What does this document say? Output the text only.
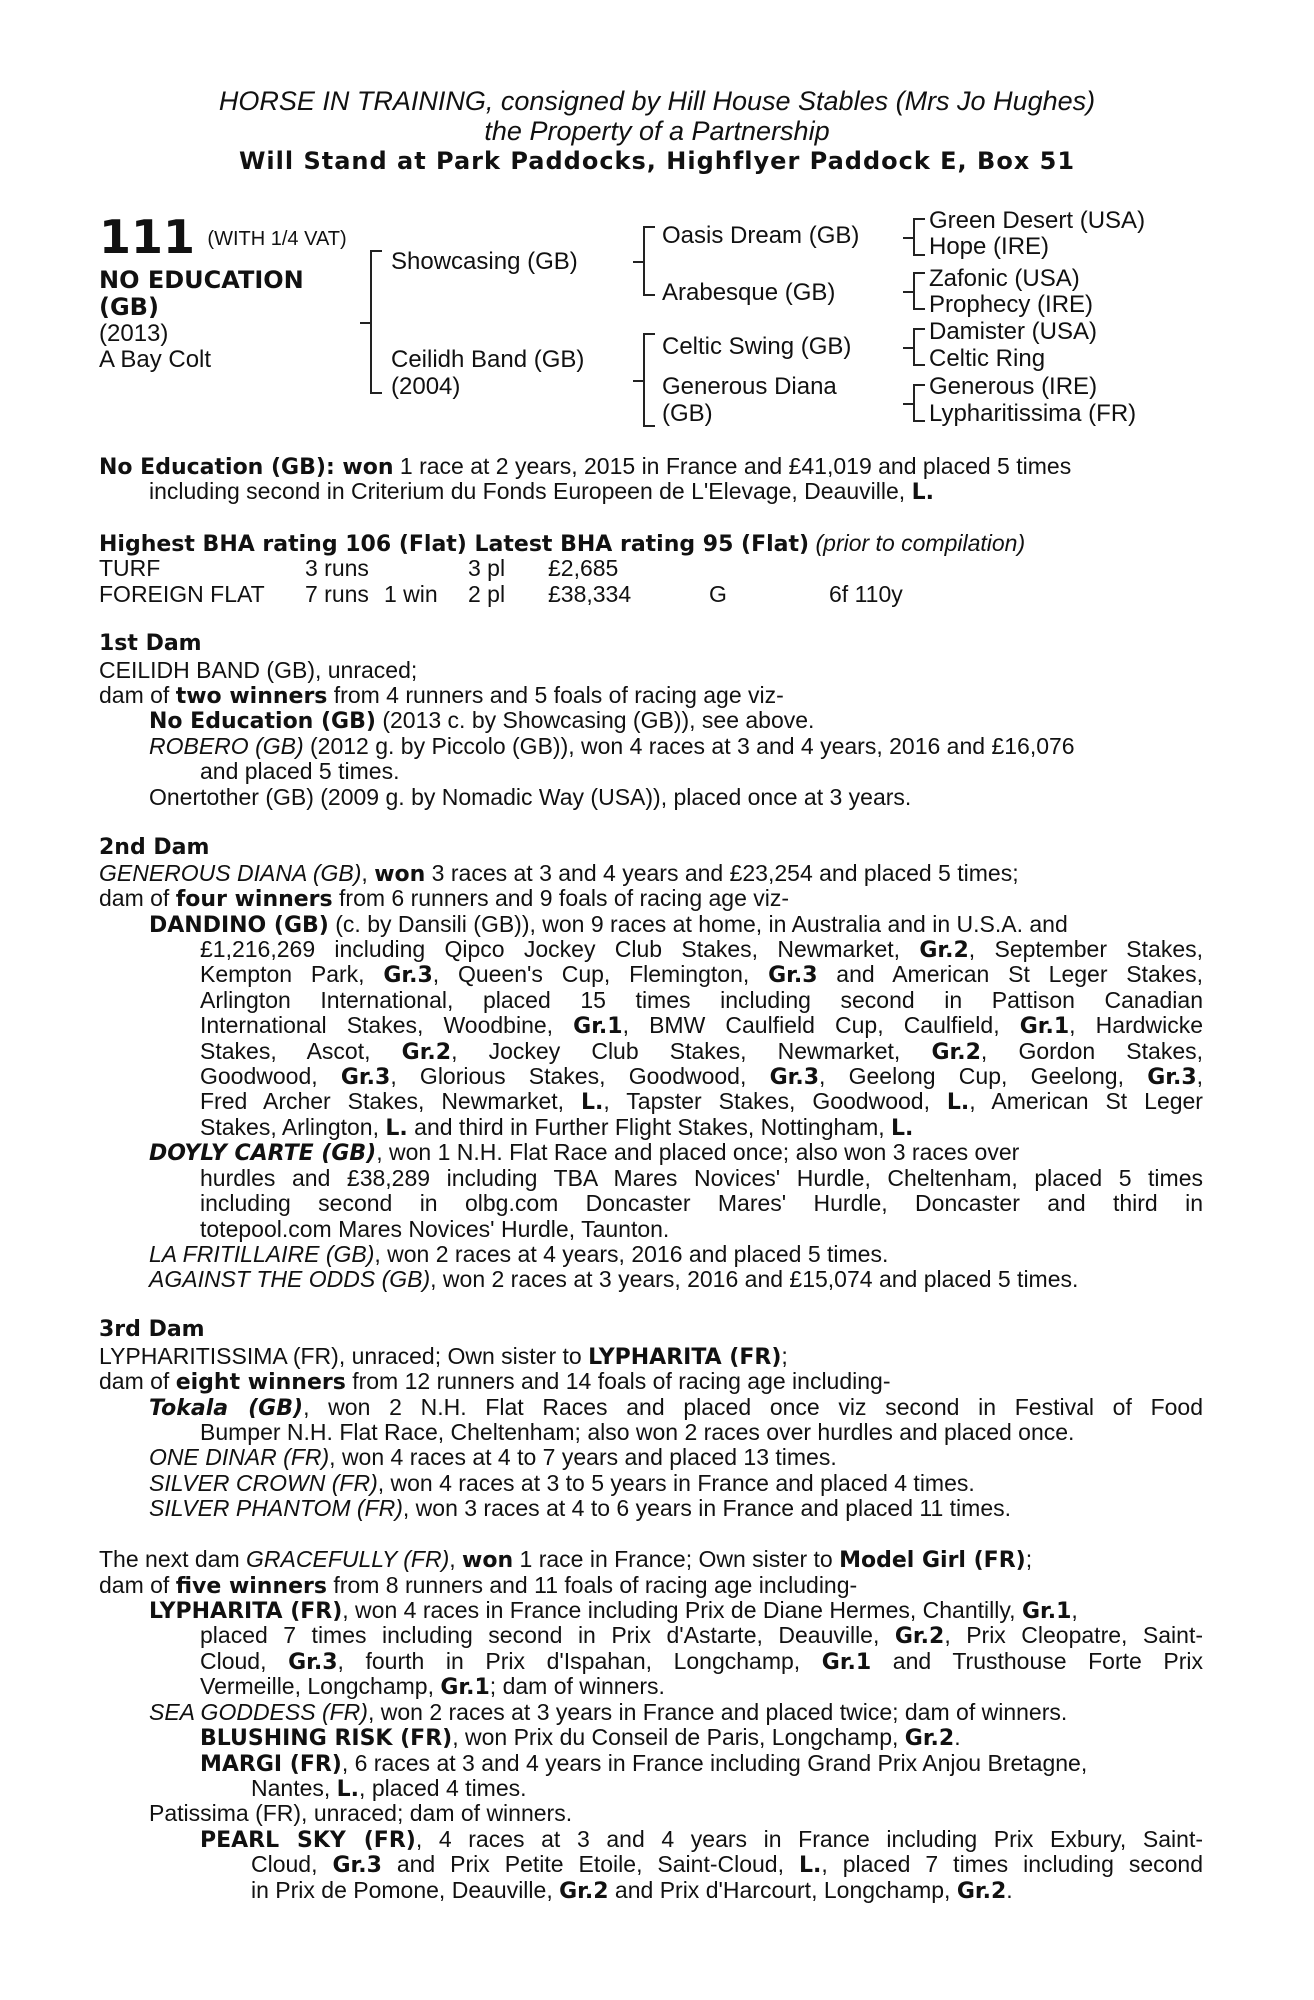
HORSE IN TRAINING, consigned by Hill House Stables (Mrs Jo Hughes)
the Property of a Partnership
Will Stand at Park Paddocks, Highflyer Paddock E, Box 51
111 (WITH 1/4 VAT)
NO EDUCATION
(GB)
(2013)
A Bay Colt
Showcasing (GB)
Ceilidh Band (GB)
(2004)
Oasis Dream (GB)
Arabesque (GB)
Celtic Swing (GB)
Generous Diana
(GB)
Green Desert (USA)
Hope (IRE)
Zafonic (USA)
Prophecy (IRE)
Damister (USA)
Celtic Ring
Generous (IRE)
Lypharitissima (FR)
No Education (GB): won 1 race at 2 years, 2015 in France and £41,019 and placed 5 times
including second in Criterium du Fonds Europeen de L'Elevage, Deauville, L.
Highest BHA rating 106 (Flat) Latest BHA rating 95 (Flat) (prior to compilation)
TURF	3 runs	3 pl £2,685
FOREIGN FLAT 7 runs 1 win 2 pl £38,334	G	6f 110y
1st Dam
CEILIDH BAND (GB), unraced;
dam of two winners from 4 runners and 5 foals of racing age viz-
No Education (GB) (2013 c. by Showcasing (GB)), see above.
ROBERO (GB) (2012 g. by Piccolo (GB)), won 4 races at 3 and 4 years, 2016 and £16,076
and placed 5 times.
Onertother (GB) (2009 g. by Nomadic Way (USA)), placed once at 3 years.
2nd Dam
GENEROUS DIANA (GB), won 3 races at 3 and 4 years and £23,254 and placed 5 times;
dam of four winners from 6 runners and 9 foals of racing age viz-
DANDINO (GB) (c. by Dansili (GB)), won 9 races at home, in Australia and in U.S.A. and
£1,216,269 including Qipco Jockey Club Stakes, Newmarket, Gr.2, September Stakes,
Kempton Park, Gr.3, Queen's Cup, Flemington, Gr.3 and American St Leger Stakes,
Arlington International, placed 15 times including second in Pattison Canadian
International Stakes, Woodbine, Gr.1, BMW Caulfield Cup, Caulfield, Gr.1, Hardwicke
Stakes, Ascot, Gr.2, Jockey Club Stakes, Newmarket, Gr.2, Gordon Stakes,
Goodwood, Gr.3, Glorious Stakes, Goodwood, Gr.3, Geelong Cup, Geelong, Gr.3,
Fred Archer Stakes, Newmarket, L., Tapster Stakes, Goodwood, L., American St Leger
Stakes, Arlington, L. and third in Further Flight Stakes, Nottingham, L.
DOYLY CARTE (GB), won 1 N.H. Flat Race and placed once; also won 3 races over
hurdles and £38,289 including TBA Mares Novices' Hurdle, Cheltenham, placed 5 times
including second in olbg.com Doncaster Mares' Hurdle, Doncaster and third in
totepool.com Mares Novices' Hurdle, Taunton.
LA FRITILLAIRE (GB), won 2 races at 4 years, 2016 and placed 5 times.
AGAINST THE ODDS (GB), won 2 races at 3 years, 2016 and £15,074 and placed 5 times.
3rd Dam
LYPHARITISSIMA (FR), unraced; Own sister to LYPHARITA (FR);
dam of eight winners from 12 runners and 14 foals of racing age including-
Tokala (GB), won 2 N.H. Flat Races and placed once viz second in Festival of Food
Bumper N.H. Flat Race, Cheltenham; also won 2 races over hurdles and placed once.
ONE DINAR (FR), won 4 races at 4 to 7 years and placed 13 times.
SILVER CROWN (FR), won 4 races at 3 to 5 years in France and placed 4 times.
SILVER PHANTOM (FR), won 3 races at 4 to 6 years in France and placed 11 times.
The next dam GRACEFULLY (FR), won 1 race in France; Own sister to Model Girl (FR);
dam of five winners from 8 runners and 11 foals of racing age including-
LYPHARITA (FR), won 4 races in France including Prix de Diane Hermes, Chantilly, Gr.1,
placed 7 times including second in Prix d'Astarte, Deauville, Gr.2, Prix Cleopatre, Saint-
Cloud, Gr.3, fourth in Prix d'Ispahan, Longchamp, Gr.1 and Trusthouse Forte Prix
Vermeille, Longchamp, Gr.1; dam of winners.
SEA GODDESS (FR), won 2 races at 3 years in France and placed twice; dam of winners.
BLUSHING RISK (FR), won Prix du Conseil de Paris, Longchamp, Gr.2.
MARGI (FR), 6 races at 3 and 4 years in France including Grand Prix Anjou Bretagne,
Nantes, L., placed 4 times.
Patissima (FR), unraced; dam of winners.
PEARL SKY (FR), 4 races at 3 and 4 years in France including Prix Exbury, Saint-
Cloud, Gr.3 and Prix Petite Etoile, Saint-Cloud, L., placed 7 times including second
in Prix de Pomone, Deauville, Gr.2 and Prix d'Harcourt, Longchamp, Gr.2.
